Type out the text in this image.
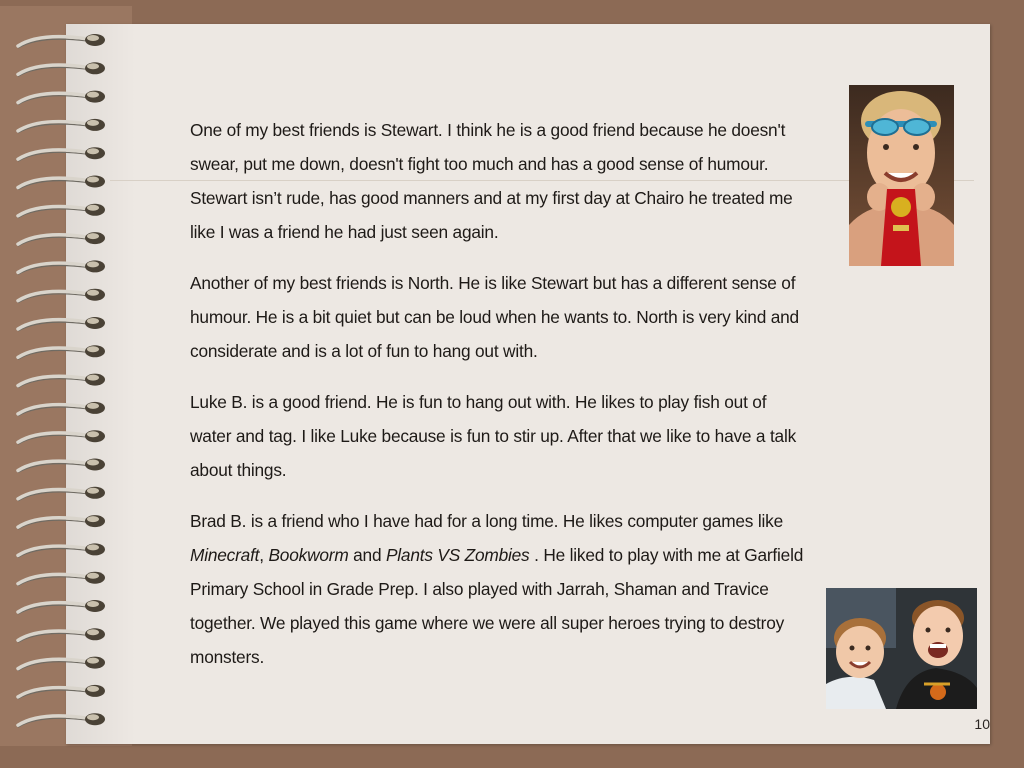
One of my best friends is Stewart. I think he is a good friend because he doesn't swear, put me down, doesn't fight too much and has a good sense of humour. Stewart isn’t rude, has good manners and at my first day at Chairo he treated me like I was a friend he had just seen again.

Another of my best friends is North. He is like Stewart but has a different sense of humour. He is a bit quiet but can be loud when he wants to. North is very kind and considerate and is a lot of fun to hang out with.

Luke B. is a good friend. He is fun to hang out with. He likes to play fish out of water and tag. I like Luke because is fun to stir up. After that we like to have a talk about things.

Brad B. is a friend who I have had for a long time. He likes computer games like Minecraft, Bookworm and Plants VS Zombies . He liked to play with me at Garfield Primary School in Grade Prep. I also played with Jarrah, Shaman and Travice together. We played this game where we were all super heroes trying to destroy monsters.

10
